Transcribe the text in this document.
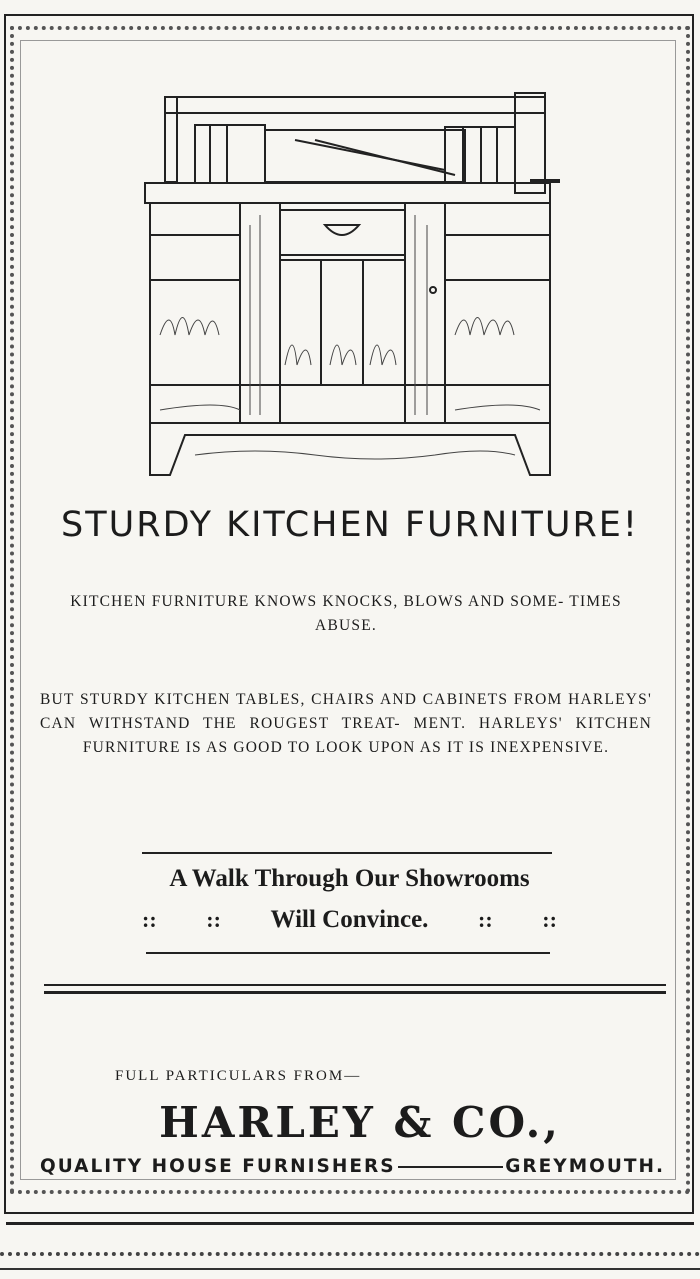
STURDY KITCHEN FURNITURE!
KITCHEN FURNITURE KNOWS KNOCKS, BLOWS AND SOME- TIMES ABUSE.
BUT STURDY KITCHEN TABLES, CHAIRS AND CABINETS FROM HARLEYS' CAN WITHSTAND THE ROUGEST TREAT- MENT. HARLEYS' KITCHEN FURNITURE IS AS GOOD TO LOOK UPON AS IT IS INEXPENSIVE.
A Walk Through Our Showrooms
:: :: Will Convince. :: ::
FULL PARTICULARS FROM—
HARLEY & CO.,
QUALITY HOUSE FURNISHERS	GREYMOUTH.
